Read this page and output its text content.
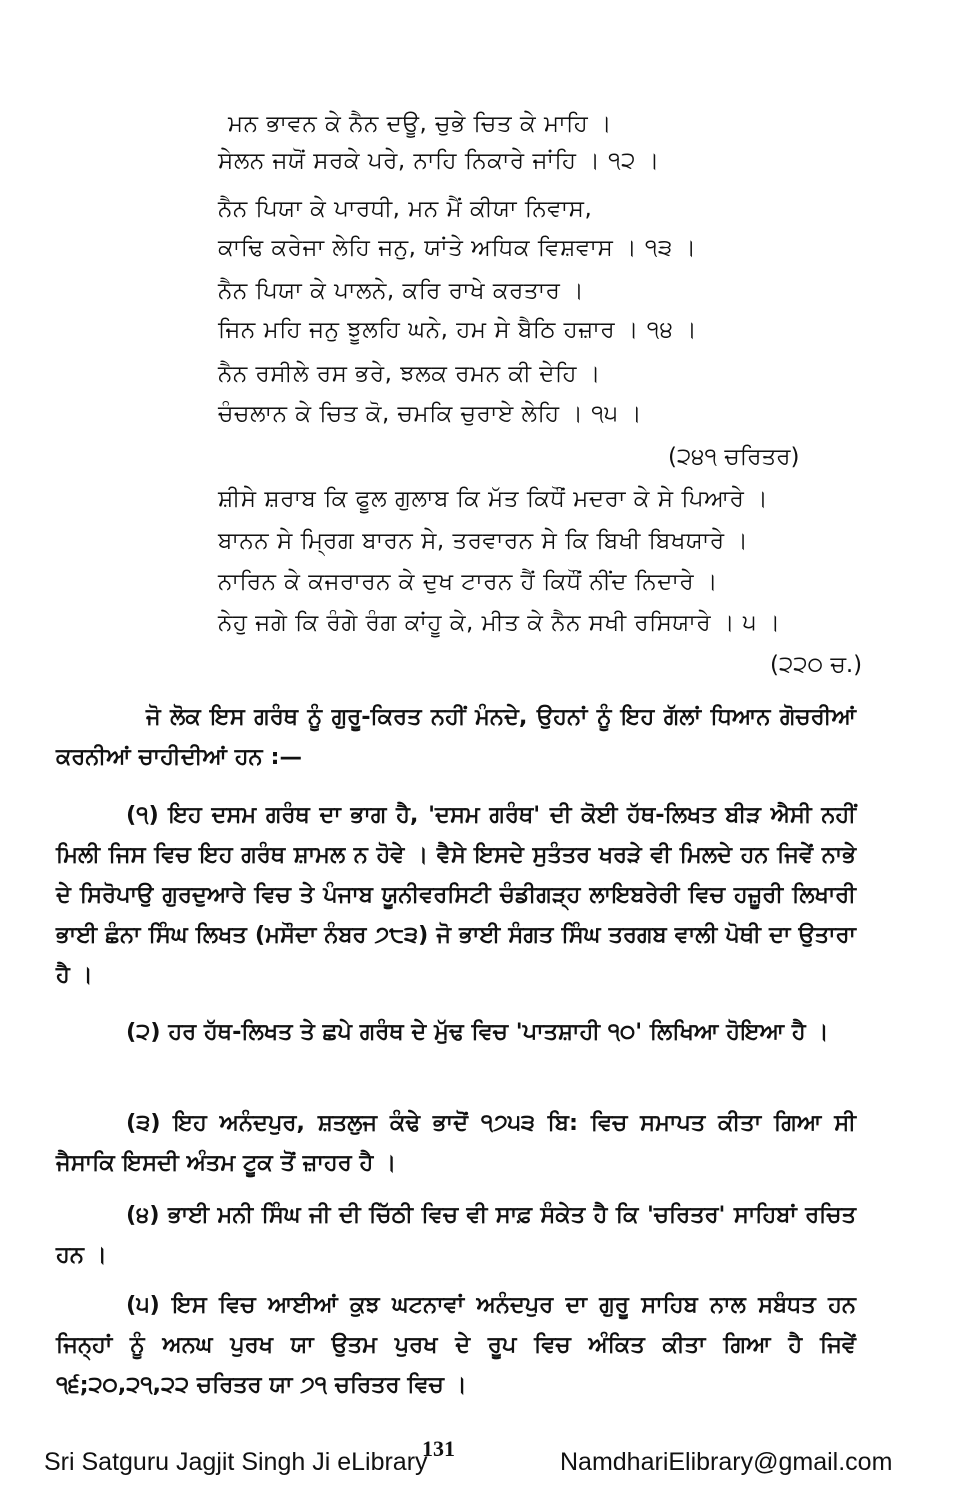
ਮਨ ਭਾਵਨ ਕੇ ਨੈਨ ਦਊ, ਚੁਭੇ ਚਿਤ ਕੇ ਮਾਹਿ ।
ਸੇਲਨ ਜਯੋਂ ਸਰਕੇ ਪਰੇ, ਨਾਹਿ ਨਿਕਾਰੇ ਜਾਂਹਿ । ੧੨ ।
ਨੈਨ ਪਿਯਾ ਕੇ ਪਾਰਧੀ, ਮਨ ਮੈਂ ਕੀਯਾ ਨਿਵਾਸ,
ਕਾਢਿ ਕਰੇਜਾ ਲੇਹਿ ਜਨੁ, ਯਾਂਤੇ ਅਧਿਕ ਵਿਸ਼ਵਾਸ । ੧੩ ।
ਨੈਨ ਪਿਯਾ ਕੇ ਪਾਲਨੇ, ਕਰਿ ਰਾਖੇ ਕਰਤਾਰ ।
ਜਿਨ ਮਹਿ ਜਨੁ ਝੂਲਹਿ ਘਨੇ, ਹਮ ਸੇ ਬੈਠਿ ਹਜ਼ਾਰ । ੧੪ ।
ਨੈਨ ਰਸੀਲੇ ਰਸ ਭਰੇ, ਝਲਕ ਰਮਨ ਕੀ ਦੇਹਿ ।
ਚੰਚਲਾਨ ਕੇ ਚਿਤ ਕੋ, ਚਮਕਿ ਚੁਰਾਏ ਲੇਹਿ । ੧੫ ।
(੨੪੧ ਚਰਿਤਰ)
ਸ਼ੀਸੇ ਸ਼ਰਾਬ ਕਿ ਫੂਲ ਗੁਲਾਬ ਕਿ ਮੱਤ ਕਿਧੌਂ ਮਦਰਾ ਕੇ ਸੇ ਪਿਆਰੇ ।
ਬਾਨਨ ਸੇ ਮ੍ਰਿਗ ਬਾਰਨ ਸੇ, ਤਰਵਾਰਨ ਸੇ ਕਿ ਬਿਖੀ ਬਿਖਯਾਰੇ ।
ਨਾਰਿਨ ਕੇ ਕਜਰਾਰਨ ਕੇ ਦੁਖ ਟਾਰਨ ਹੈਂ ਕਿਧੌਂ ਨੀਂਦ ਨਿਦਾਰੇ ।
ਨੇਹੁ ਜਗੇ ਕਿ ਰੰਗੇ ਰੰਗ ਕਾਂਹੂ ਕੇ, ਮੀਤ ਕੇ ਨੈਨ ਸਖੀ ਰਸਿਯਾਰੇ । ੫ ।
(੨੨੦ ਚ.)
ਜੋ ਲੋਕ ਇਸ ਗਰੰਥ ਨੂੰ ਗੁਰੂ-ਕਿਰਤ ਨਹੀਂ ਮੰਨਦੇ, ਉਹਨਾਂ ਨੂੰ ਇਹ ਗੱਲਾਂ ਧਿਆਨ ਗੋਚਰੀਆਂ ਕਰਨੀਆਂ ਚਾਹੀਦੀਆਂ ਹਨ :—
(੧) ਇਹ ਦਸਮ ਗਰੰਥ ਦਾ ਭਾਗ ਹੈ, 'ਦਸਮ ਗਰੰਥ' ਦੀ ਕੋਈ ਹੱਥ-ਲਿਖਤ ਬੀੜ ਐਸੀ ਨਹੀਂ ਮਿਲੀ ਜਿਸ ਵਿਚ ਇਹ ਗਰੰਥ ਸ਼ਾਮਲ ਨ ਹੋਵੇ । ਵੈਸੇ ਇਸਦੇ ਸੁਤੰਤਰ ਖਰੜੇ ਵੀ ਮਿਲਦੇ ਹਨ ਜਿਵੇਂ ਨਾਭੇ ਦੇ ਸਿਰੋਪਾਉ ਗੁਰਦੁਆਰੇ ਵਿਚ ਤੇ ਪੰਜਾਬ ਯੂਨੀਵਰਸਿਟੀ ਚੰਡੀਗੜ੍ਹ ਲਾਇਬਰੇਰੀ ਵਿਚ ਹਜ਼ੂਰੀ ਲਿਖਾਰੀ ਭਾਈ ਛੰਨਾ ਸਿੰਘ ਲਿਖਤ (ਮਸੌਦਾ ਨੰਬਰ ੭੮੩) ਜੋ ਭਾਈ ਸੰਗਤ ਸਿੰਘ ਤਰਗਬ ਵਾਲੀ ਪੋਥੀ ਦਾ ਉਤਾਰਾ ਹੈ ।
(੨) ਹਰ ਹੱਥ-ਲਿਖਤ ਤੇ ਛਪੇ ਗਰੰਥ ਦੇ ਮੁੱਢ ਵਿਚ 'ਪਾਤਸ਼ਾਹੀ ੧੦' ਲਿਖਿਆ ਹੋਇਆ ਹੈ ।
(੩) ਇਹ ਅਨੰਦਪੁਰ, ਸ਼ਤਲੁਜ ਕੰਢੇ ਭਾਦੋਂ ੧੭੫੩ ਬਿ: ਵਿਚ ਸਮਾਪਤ ਕੀਤਾ ਗਿਆ ਸੀ ਜੈਸਾਕਿ ਇਸਦੀ ਅੰਤਮ ਟੂਕ ਤੋਂ ਜ਼ਾਹਰ ਹੈ ।
(੪) ਭਾਈ ਮਨੀ ਸਿੰਘ ਜੀ ਦੀ ਚਿੱਠੀ ਵਿਚ ਵੀ ਸਾਫ਼ ਸੰਕੇਤ ਹੈ ਕਿ 'ਚਰਿਤਰ' ਸਾਹਿਬਾਂ ਰਚਿਤ ਹਨ ।
(੫) ਇਸ ਵਿਚ ਆਈਆਂ ਕੁਝ ਘਟਨਾਵਾਂ ਅਨੰਦਪੁਰ ਦਾ ਗੁਰੂ ਸਾਹਿਬ ਨਾਲ ਸਬੰਧਤ ਹਨ ਜਿਨ੍ਹਾਂ ਨੂੰ ਅਨਘ ਪੁਰਖ ਯਾ ਉਤਮ ਪੁਰਖ ਦੇ ਰੂਪ ਵਿਚ ਅੰਕਿਤ ਕੀਤਾ ਗਿਆ ਹੈ ਜਿਵੇਂ ੧੬;੨੦,੨੧,੨੨ ਚਰਿਤਰ ਯਾ ੭੧ ਚਰਿਤਰ ਵਿਚ ।
Sri Satguru Jagjit Singh Ji eLibrary
131	NamdhariElibrary@gmail.com
